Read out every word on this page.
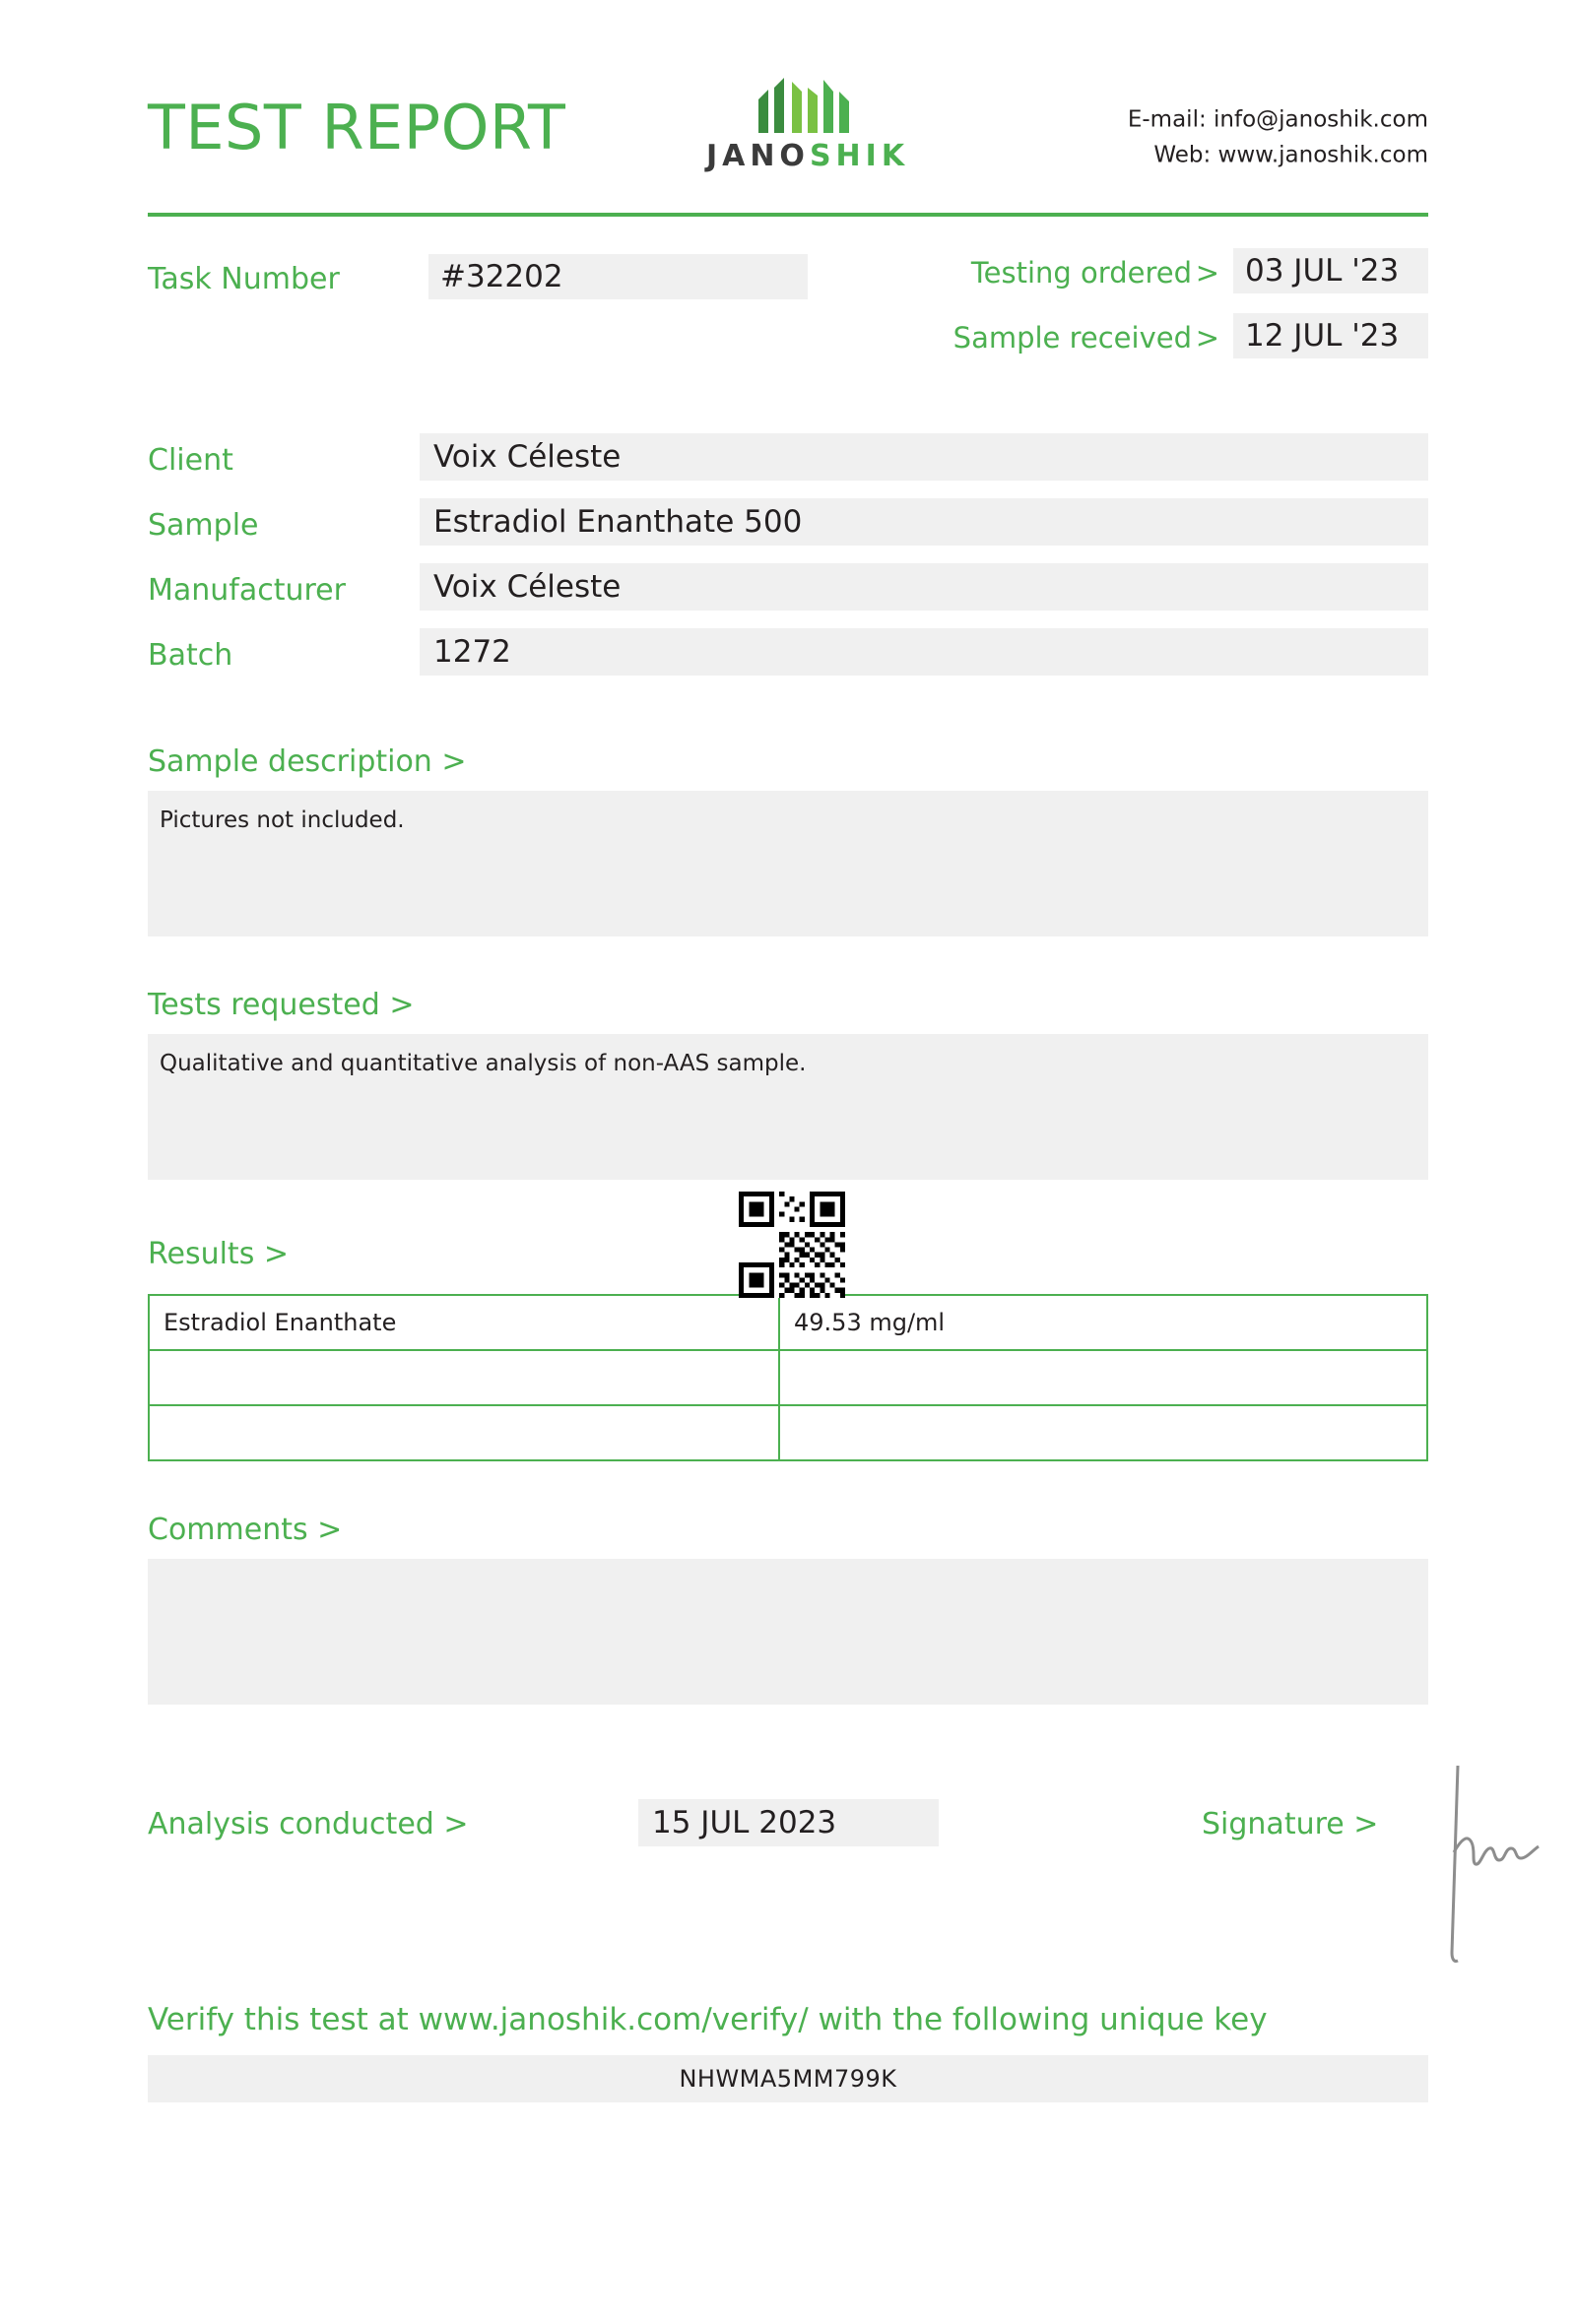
TEST REPORT	JANOSHIK
E-mail: info@janoshik.com
Web: www.janoshik.com
Task Number	#32202	Testing ordered > 03 JUL '23
Sample received > 12 JUL '23
Client	Voix Céleste
Sample	Estradiol Enanthate 500
Manufacturer	Voix Céleste
Batch	1272
Sample description >
Pictures not included.
Tests requested >
Qualitative and quantitative analysis of non-AAS sample.
Results >
Estradiol Enanthate	49.53 mg/ml

Comments >
Analysis conducted >	15 JUL 2023	Signature >
Verify this test at www.janoshik.com/verify/ with the following unique key
NHWMA5MM799K
